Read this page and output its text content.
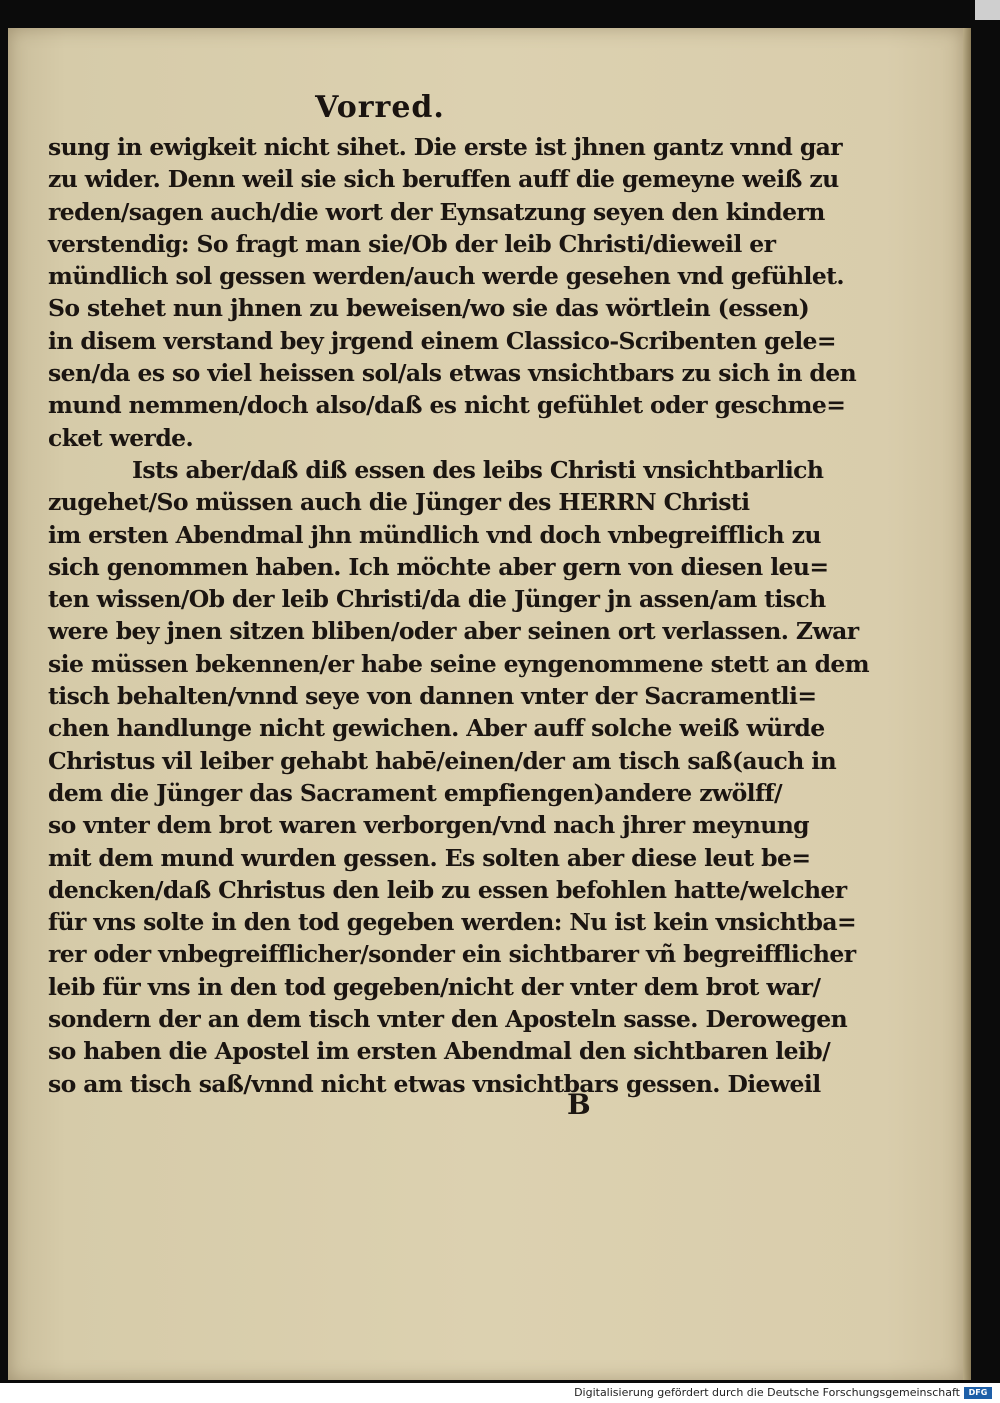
Vorred.
sung in ewigkeit nicht sihet. Die erste ist jhnen gantz vnnd gar
zu wider. Denn weil sie sich beruffen auff die gemeyne weiß zu
reden/sagen auch/die wort der Eynsatzung seyen den kindern
verstendig: So fragt man sie/Ob der leib Christi/dieweil er
mündlich sol gessen werden/auch werde gesehen vnd gefühlet.
So stehet nun jhnen zu beweisen/wo sie das wörtlein (essen)
in disem verstand bey jrgend einem Classico-Scribenten gele=
sen/da es so viel heissen sol/als etwas vnsichtbars zu sich in den
mund nemmen/doch also/daß es nicht gefühlet oder geschme=
cket werde.
Ists aber/daß diß essen des leibs Christi vnsichtbarlich
zugehet/So müssen auch die Jünger des HERRN Christi
im ersten Abendmal jhn mündlich vnd doch vnbegreifflich zu
sich genommen haben. Ich möchte aber gern von diesen leu=
ten wissen/Ob der leib Christi/da die Jünger jn assen/am tisch
were bey jnen sitzen bliben/oder aber seinen ort verlassen. Zwar
sie müssen bekennen/er habe seine eyngenommene stett an dem
tisch behalten/vnnd seye von dannen vnter der Sacramentli=
chen handlunge nicht gewichen. Aber auff solche weiß würde
Christus vil leiber gehabt habē/einen/der am tisch saß(auch in
dem die Jünger das Sacrament empfiengen)andere zwölff/
so vnter dem brot waren verborgen/vnd nach jhrer meynung
mit dem mund wurden gessen. Es solten aber diese leut be=
dencken/daß Christus den leib zu essen befohlen hatte/welcher
für vns solte in den tod gegeben werden: Nu ist kein vnsichtba=
rer oder vnbegreifflicher/sonder ein sichtbarer vñ begreifflicher
leib für vns in den tod gegeben/nicht der vnter dem brot war/
sondern der an dem tisch vnter den Aposteln sasse. Derowegen
so haben die Apostel im ersten Abendmal den sichtbaren leib/
so am tisch saß/vnnd nicht etwas vnsichtbars gessen. Dieweil
B
Digitalisierung gefördert durch die Deutsche Forschungsgemeinschaft	DFG
